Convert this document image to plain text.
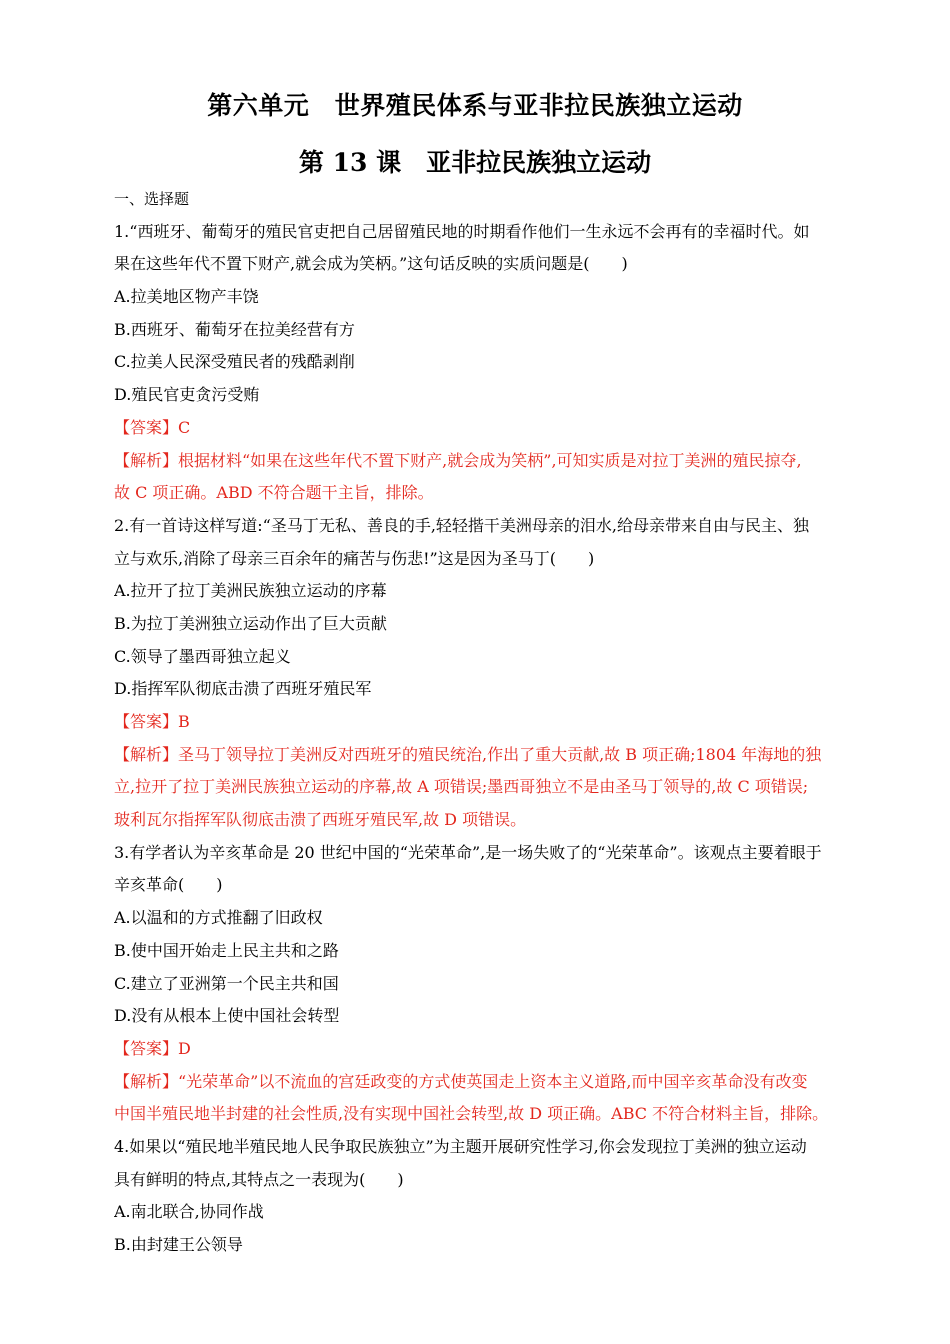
第六单元　世界殖民体系与亚非拉民族独立运动
第 13 课　亚非拉民族独立运动
一、选择题
1.“西班牙、葡萄牙的殖民官吏把自己居留殖民地的时期看作他们一生永远不会再有的幸福时代。如
果在这些年代不置下财产,就会成为笑柄。”这句话反映的实质问题是(　　)
A.拉美地区物产丰饶
B.西班牙、葡萄牙在拉美经营有方
C.拉美人民深受殖民者的残酷剥削
D.殖民官吏贪污受贿
【答案】C
【解析】根据材料“如果在这些年代不置下财产,就会成为笑柄”,可知实质是对拉丁美洲的殖民掠夺,
故 C 项正确。ABD 不符合题干主旨，排除。
2.有一首诗这样写道:“圣马丁无私、善良的手,轻轻揩干美洲母亲的泪水,给母亲带来自由与民主、独
立与欢乐,消除了母亲三百余年的痛苦与伤悲!”这是因为圣马丁(　　)
A.拉开了拉丁美洲民族独立运动的序幕
B.为拉丁美洲独立运动作出了巨大贡献
C.领导了墨西哥独立起义
D.指挥军队彻底击溃了西班牙殖民军
【答案】B
【解析】圣马丁领导拉丁美洲反对西班牙的殖民统治,作出了重大贡献,故 B 项正确;1804 年海地的独
立,拉开了拉丁美洲民族独立运动的序幕,故 A 项错误;墨西哥独立不是由圣马丁领导的,故 C 项错误;
玻利瓦尔指挥军队彻底击溃了西班牙殖民军,故 D 项错误。
3.有学者认为辛亥革命是 20 世纪中国的“光荣革命”,是一场失败了的“光荣革命”。该观点主要着眼于
辛亥革命(　　)
A.以温和的方式推翻了旧政权
B.使中国开始走上民主共和之路
C.建立了亚洲第一个民主共和国
D.没有从根本上使中国社会转型
【答案】D
【解析】“光荣革命”以不流血的宫廷政变的方式使英国走上资本主义道路,而中国辛亥革命没有改变
中国半殖民地半封建的社会性质,没有实现中国社会转型,故 D 项正确。ABC 不符合材料主旨，排除。
4.如果以“殖民地半殖民地人民争取民族独立”为主题开展研究性学习,你会发现拉丁美洲的独立运动
具有鲜明的特点,其特点之一表现为(　　)
A.南北联合,协同作战
B.由封建王公领导
